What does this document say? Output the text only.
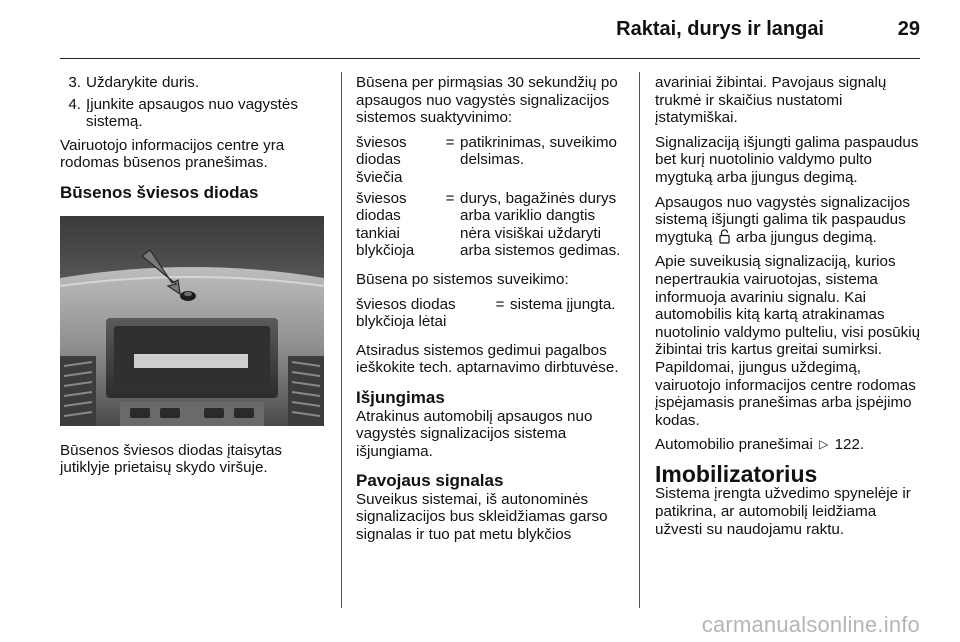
Raktai, durys ir langai	29
3. Uždarykite duris.
4. Įjunkite apsaugos nuo vagystės sistemą.

Vairuotojo informacijos centre yra rodomas būsenos pranešimas.

Būsenos šviesos diodas

Būsenos šviesos diodas įtaisytas jutiklyje prietaisų skydo viršuje.

Būsena per pirmąsias 30 sekundžių po apsaugos nuo vagystės signalizacijos sistemos suaktyvinimo:

šviesos diodas šviečia	=	patikrinimas, suveikimo delsimas.
šviesos diodas tankiai blykčioja	=	durys, bagažinės durys arba variklio dangtis nėra visiškai uždaryti arba sistemos gedimas.

Būsena po sistemos suveikimo:

šviesos diodas blykčioja lėtai	=	sistema įjungta.

Atsiradus sistemos gedimui pagalbos ieškokite tech. aptarnavimo dirbtuvėse.

Išjungimas

Atrakinus automobilį apsaugos nuo vagystės signalizacijos sistema išjungiama.

Pavojaus signalas

Suveikus sistemai, iš autonominės signalizacijos bus skleidžiamas garso signalas ir tuo pat metu blykčios

avariniai žibintai. Pavojaus signalų trukmė ir skaičius nustatomi įstatymiškai.

Signalizaciją išjungti galima paspaudus bet kurį nuotolinio valdymo pulto mygtuką arba įjungus degimą.

Apsaugos nuo vagystės signalizacijos sistemą išjungti galima tik paspaudus mygtuką arba įjungus degimą.

Apie suveikusią signalizaciją, kurios nepertraukia vairuotojas, sistema informuoja avariniu signalu. Kai automobilis kitą kartą atrakinamas nuotolinio valdymo pulteliu, visi posūkių žibintai tris kartus greitai sumirksi. Papildomai, įjungus uždegimą, vairuotojo informacijos centre rodomas įspėjamasis pranešimas arba įspėjimo kodas.

Automobilio pranešimai ▷ 122.

Imobilizatorius

Sistema įrengta užvedimo spynelėje ir patikrina, ar automobilį leidžiama užvesti su naudojamu raktu.

carmanualsonline.info
